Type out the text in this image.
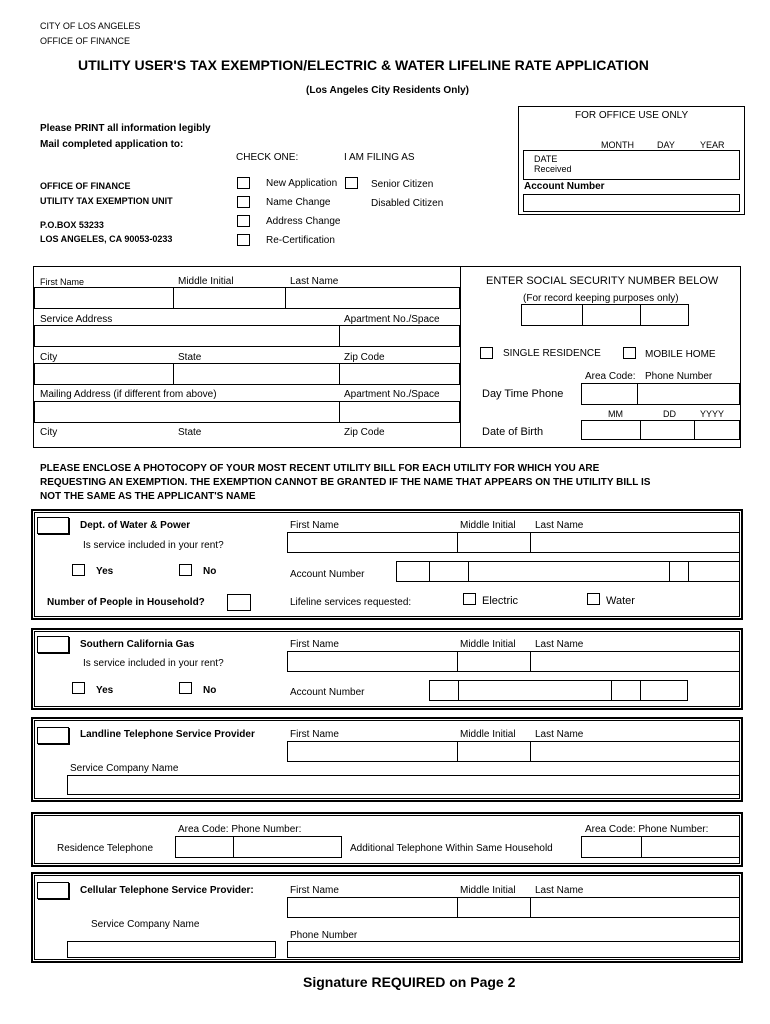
CITY OF LOS ANGELES
OFFICE OF FINANCE
UTILITY USER'S TAX EXEMPTION/ELECTRIC & WATER LIFELINE RATE APPLICATION
(Los Angeles City Residents Only)
Please PRINT all information legibly
Mail completed application to:
OFFICE OF FINANCE
UTILITY TAX EXEMPTION UNIT
P.O.BOX 53233
LOS ANGELES, CA 90053-0233
CHECK ONE:	I AM FILING AS
New Application
Name Change
Address Change
Re-Certification
Senior Citizen
Disabled Citizen
FOR OFFICE USE ONLY
MONTH	DAY	YEAR
DATE
Received
Account Number
First Name	Middle Initial	Last Name
Service Address	Apartment No./Space
City	State	Zip Code
Mailing Address (if different from above)	Apartment No./Space
City	State	Zip Code
ENTER SOCIAL SECURITY NUMBER BELOW
(For record keeping purposes only)
SINGLE RESIDENCE	MOBILE HOME
Area Code: Phone Number
Day Time Phone
MM	DD	YYYY
Date of Birth
PLEASE ENCLOSE A PHOTOCOPY OF YOUR MOST RECENT UTILITY BILL FOR EACH UTILITY FOR WHICH YOU ARE
REQUESTING AN EXEMPTION. THE EXEMPTION CANNOT BE GRANTED IF THE NAME THAT APPEARS ON THE UTILITY BILL IS
NOT THE SAME AS THE APPLICANT'S NAME
Dept. of Water & Power
Is service included in your rent?
Yes	No
Number of People in Household?
First Name	Middle Initial Last Name
Account Number
Lifeline services requested:	Electric	Water
Southern California Gas
Is service included in your rent?
Yes	No
First Name	Middle Initial Last Name
Account Number
Landline Telephone Service Provider	First Name	Middle Initial Last Name
Service Company Name
Area Code: Phone Number:
Residence Telephone	Additional Telephone Within Same Household
Area Code: Phone Number:
Cellular Telephone Service Provider:	First Name	Middle Initial Last Name
Service Company Name
Phone Number
Signature REQUIRED on Page 2
